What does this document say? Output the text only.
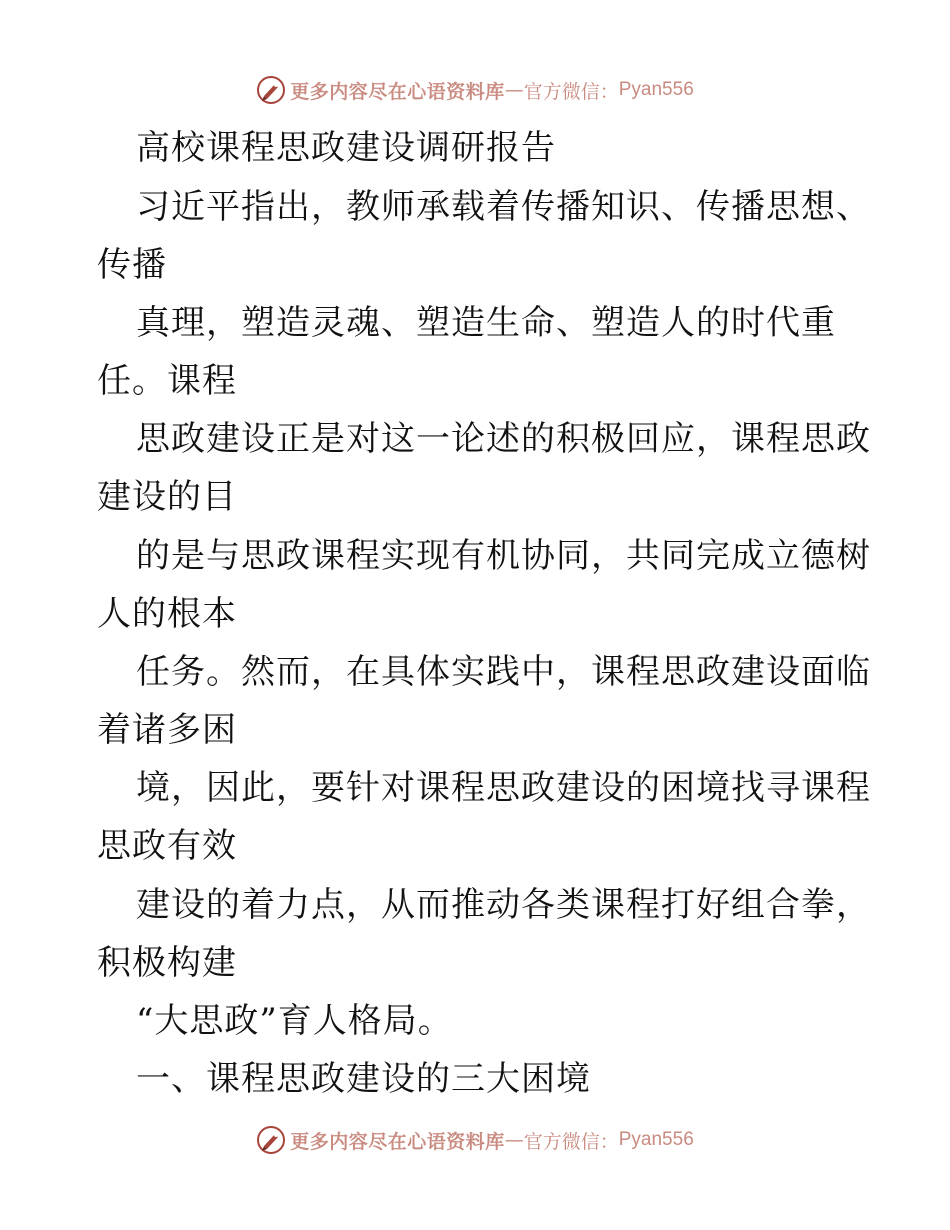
更多内容尽在心语资料库 — 官方微信： Pyan556
高校课程思政建设调研报告
习近平指出，教师承载着传播知识、传播思想、
传播
真理，塑造灵魂、塑造生命、塑造人的时代重
任。课程
思政建设正是对这一论述的积极回应，课程思政
建设的目
的是与思政课程实现有机协同，共同完成立德树
人的根本
任务。然而，在具体实践中，课程思政建设面临
着诸多困
境，因此，要针对课程思政建设的困境找寻课程
思政有效
建设的着力点，从而推动各类课程打好组合拳，
积极构建
“大思政”育人格局。
一、课程思政建设的三大困境
更多内容尽在心语资料库 — 官方微信： Pyan556
